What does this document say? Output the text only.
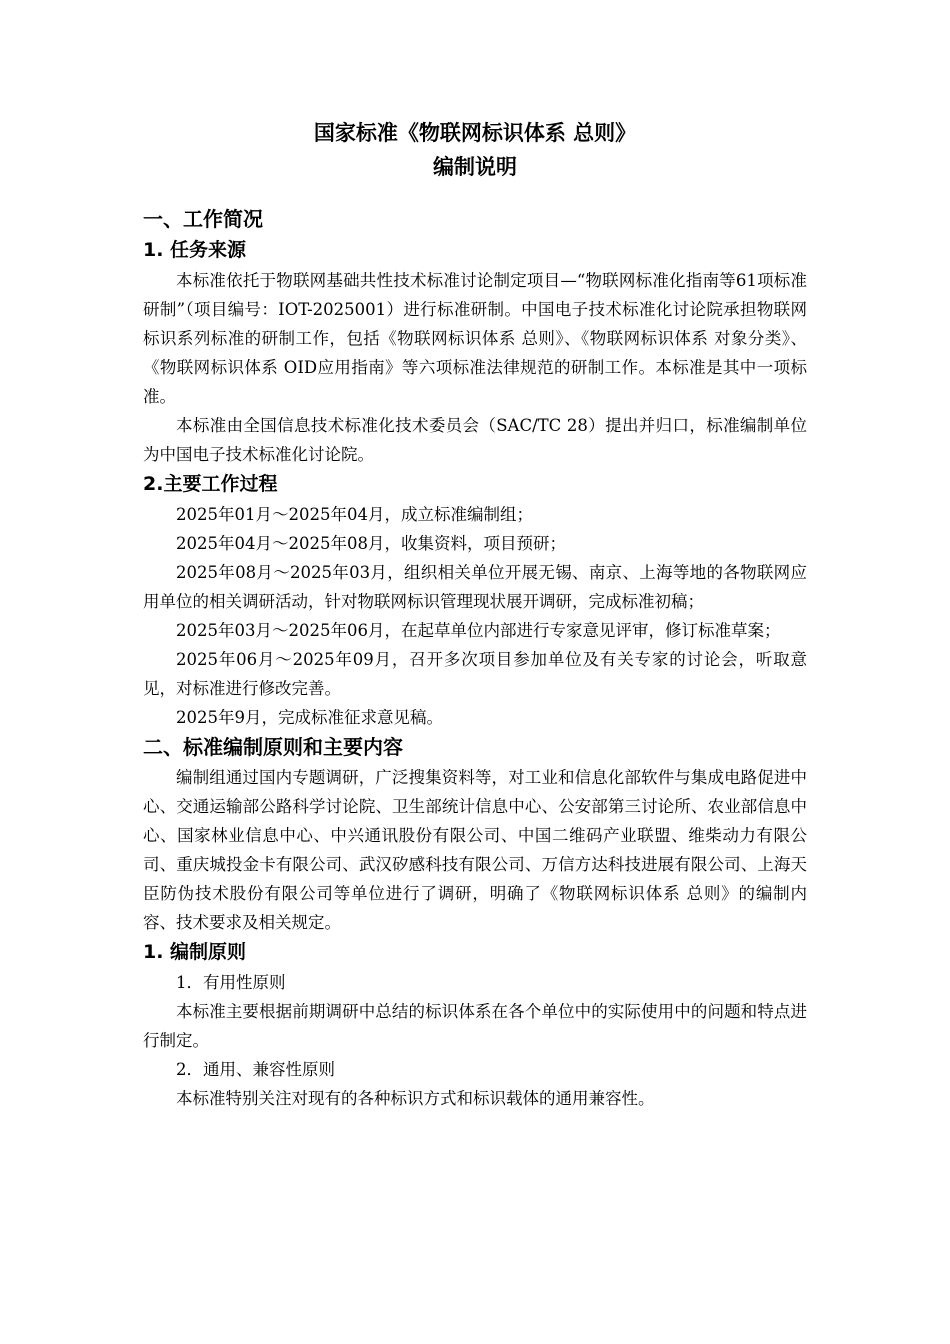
国家标准《物联网标识体系 总则》

编制说明

一、工作简况

1. 任务来源

本标准依托于物联网基础共性技术标准讨论制定项目—“物联网标准化指南等61项标准研制”（项目编号：IOT-2025001）进行标准研制。中国电子技术标准化讨论院承担物联网标识系列标准的研制工作，包括《物联网标识体系 总则》、《物联网标识体系 对象分类》、《物联网标识体系 OID应用指南》等六项标准法律规范的研制工作。本标准是其中一项标准。

本标准由全国信息技术标准化技术委员会（SAC/TC 28）提出并归口，标准编制单位为中国电子技术标准化讨论院。

2.主要工作过程

2025年01月～2025年04月，成立标准编制组；

2025年04月～2025年08月，收集资料，项目预研；

2025年08月～2025年03月，组织相关单位开展无锡、南京、上海等地的各物联网应用单位的相关调研活动，针对物联网标识管理现状展开调研，完成标准初稿；

2025年03月～2025年06月，在起草单位内部进行专家意见评审，修订标准草案；

2025年06月～2025年09月，召开多次项目参加单位及有关专家的讨论会，听取意见，对标准进行修改完善。

2025年9月，完成标准征求意见稿。

二、标准编制原则和主要内容

编制组通过国内专题调研，广泛搜集资料等，对工业和信息化部软件与集成电路促进中心、交通运输部公路科学讨论院、卫生部统计信息中心、公安部第三讨论所、农业部信息中心、国家林业信息中心、中兴通讯股份有限公司、中国二维码产业联盟、维柴动力有限公司、重庆城投金卡有限公司、武汉矽感科技有限公司、万信方达科技进展有限公司、上海天臣防伪技术股份有限公司等单位进行了调研，明确了《物联网标识体系 总则》的编制内容、技术要求及相关规定。

1. 编制原则

1．有用性原则

本标准主要根据前期调研中总结的标识体系在各个单位中的实际使用中的问题和特点进行制定。

2．通用、兼容性原则

本标准特别关注对现有的各种标识方式和标识载体的通用兼容性。
